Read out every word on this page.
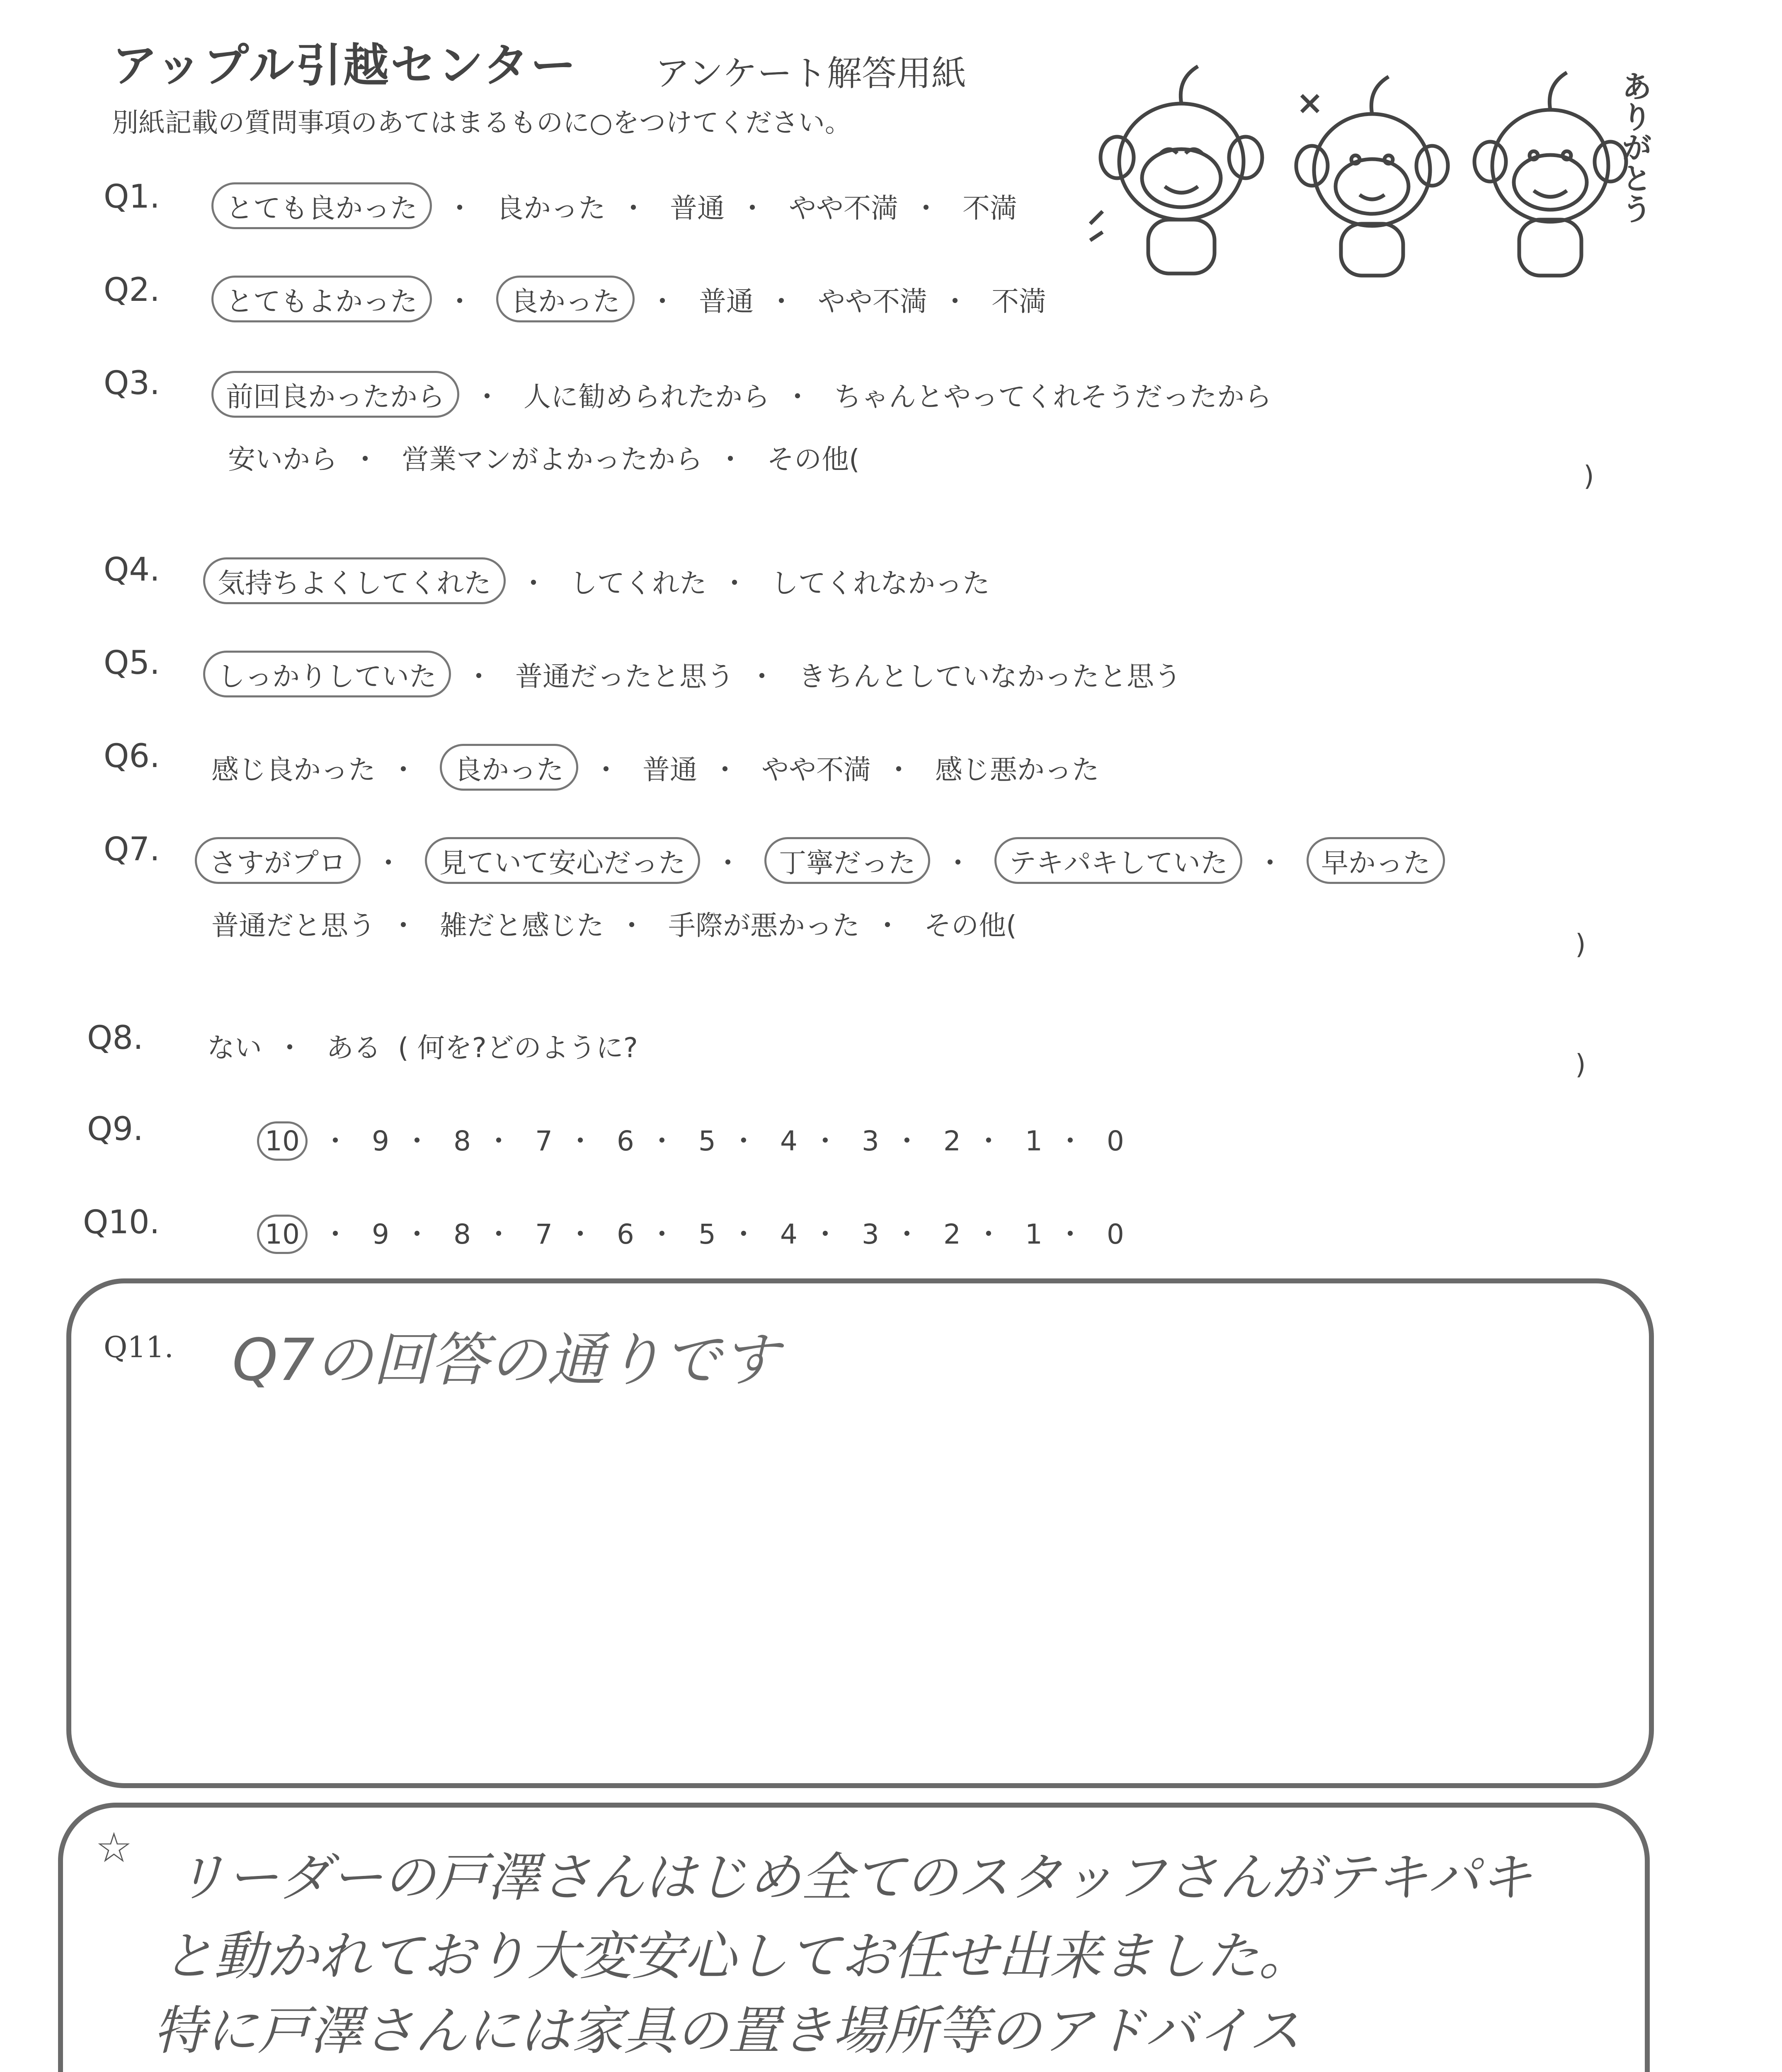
アップル引越センター アンケート解答用紙
別紙記載の質問事項のあてはまるものに○をつけてください。	ありがとう
Q1.	とても良かった ・ 良かった ・ 普通 ・ やや不満 ・ 不満
Q2.	とてもよかった ・ 良かった ・ 普通 ・ やや不満 ・ 不満
Q3.	前回良かったから ・ 人に勧められたから ・ ちゃんとやってくれそうだったから
安いから ・ 営業マンがよかったから ・ その他(
)
Q4.	気持ちよくしてくれた ・ してくれた ・ してくれなかった
Q5.	しっかりしていた ・ 普通だったと思う ・ きちんとしていなかったと思う
Q6. 感じ良かった ・ 良かった ・ 普通 ・ やや不満 ・ 感じ悪かった
Q7.	さすがプロ ・ 見ていて安心だった ・ 丁寧だった ・ テキパキしていた ・ 早かった
普通だと思う ・ 雑だと感じた ・ 手際が悪かった ・ その他(
)
Q8. ない ・ ある ( 何を?どのように?
)
Q9.	10 ・ 9 ・ 8 ・ 7 ・ 6 ・ 5 ・ 4 ・ 3 ・ 2 ・ 1 ・ 0
Q10.	10 ・ 9 ・ 8 ・ 7 ・ 6 ・ 5 ・ 4 ・ 3 ・ 2 ・ 1 ・ 0
Q11. Q7の回答の通りです
☆ リーダーの戸澤さんはじめ全てのスタッフさんがテキパキ
と動かれており大変安心してお任せ出来ました。
特に戸澤さんには家具の置き場所等のアドバイス
